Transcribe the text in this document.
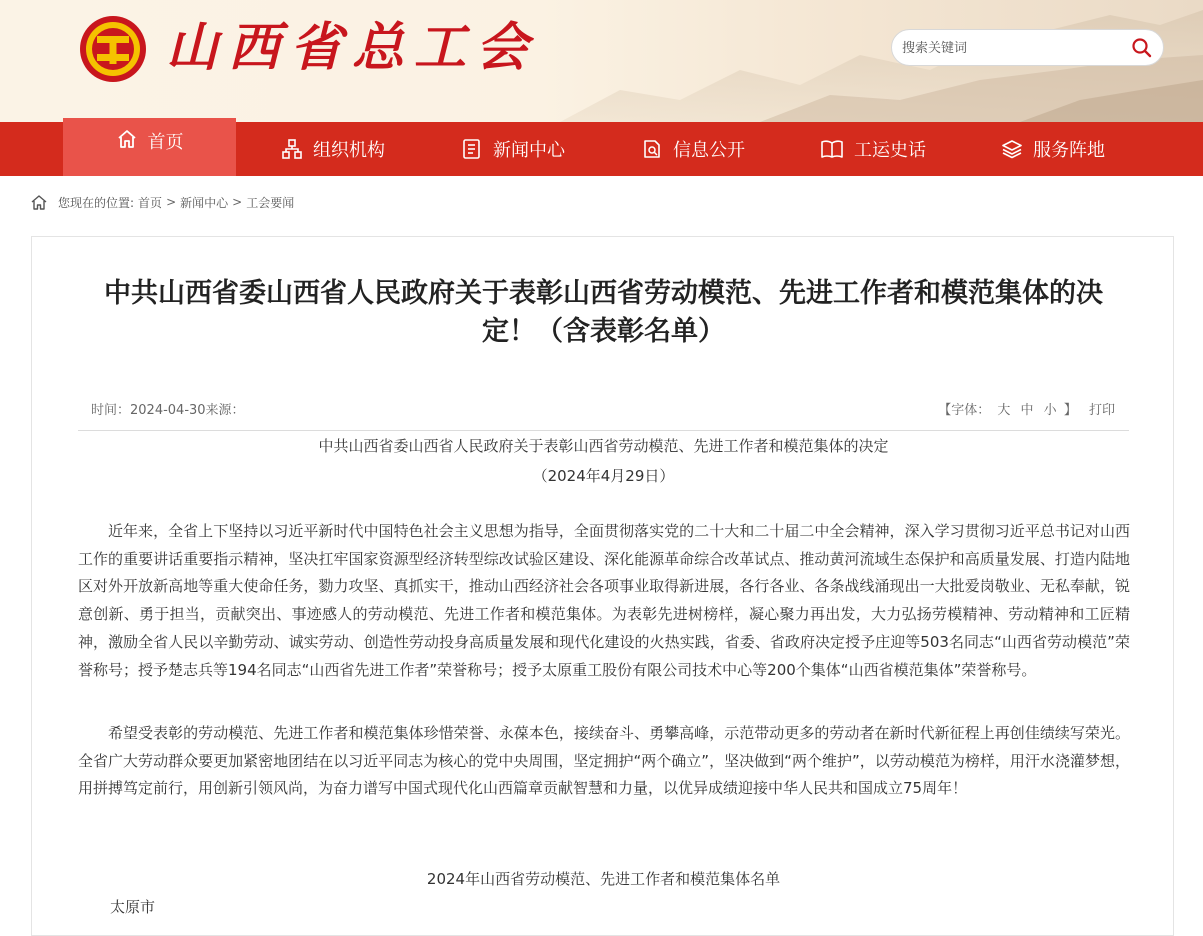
山西省总工会
搜索关键词
首页	组织机构	新闻中心	信息公开	工运史话	服务阵地
您现在的位置: 首页 > 新闻中心 > 工会要闻
中共山西省委山西省人民政府关于表彰山西省劳动模范、先进工作者和模范集体的决定！（含表彰名单）
时间：2024-04-30来源：	【字体： 大 中 小 】 打印
中共山西省委山西省人民政府关于表彰山西省劳动模范、先进工作者和模范集体的决定
（2024年4月29日）

近年来，全省上下坚持以习近平新时代中国特色社会主义思想为指导，全面贯彻落实党的二十大和二十届二中全会精神，深入学习贯彻习近平总书记对山西工作的重要讲话重要指示精神，坚决扛牢国家资源型经济转型综改试验区建设、深化能源革命综合改革试点、推动黄河流域生态保护和高质量发展、打造内陆地区对外开放新高地等重大使命任务，勠力攻坚、真抓实干，推动山西经济社会各项事业取得新进展，各行各业、各条战线涌现出一大批爱岗敬业、无私奉献，锐意创新、勇于担当，贡献突出、事迹感人的劳动模范、先进工作者和模范集体。为表彰先进树榜样，凝心聚力再出发，大力弘扬劳模精神、劳动精神和工匠精神，激励全省人民以辛勤劳动、诚实劳动、创造性劳动投身高质量发展和现代化建设的火热实践，省委、省政府决定授予庄迎等503名同志“山西省劳动模范”荣誉称号；授予楚志兵等194名同志“山西省先进工作者”荣誉称号；授予太原重工股份有限公司技术中心等200个集体“山西省模范集体”荣誉称号。

希望受表彰的劳动模范、先进工作者和模范集体珍惜荣誉、永葆本色，接续奋斗、勇攀高峰，示范带动更多的劳动者在新时代新征程上再创佳绩续写荣光。全省广大劳动群众要更加紧密地团结在以习近平同志为核心的党中央周围，坚定拥护“两个确立”，坚决做到“两个维护”，以劳动模范为榜样，用汗水浇灌梦想，用拼搏笃定前行，用创新引领风尚，为奋力谱写中国式现代化山西篇章贡献智慧和力量，以优异成绩迎接中华人民共和国成立75周年！

2024年山西省劳动模范、先进工作者和模范集体名单
太原市
